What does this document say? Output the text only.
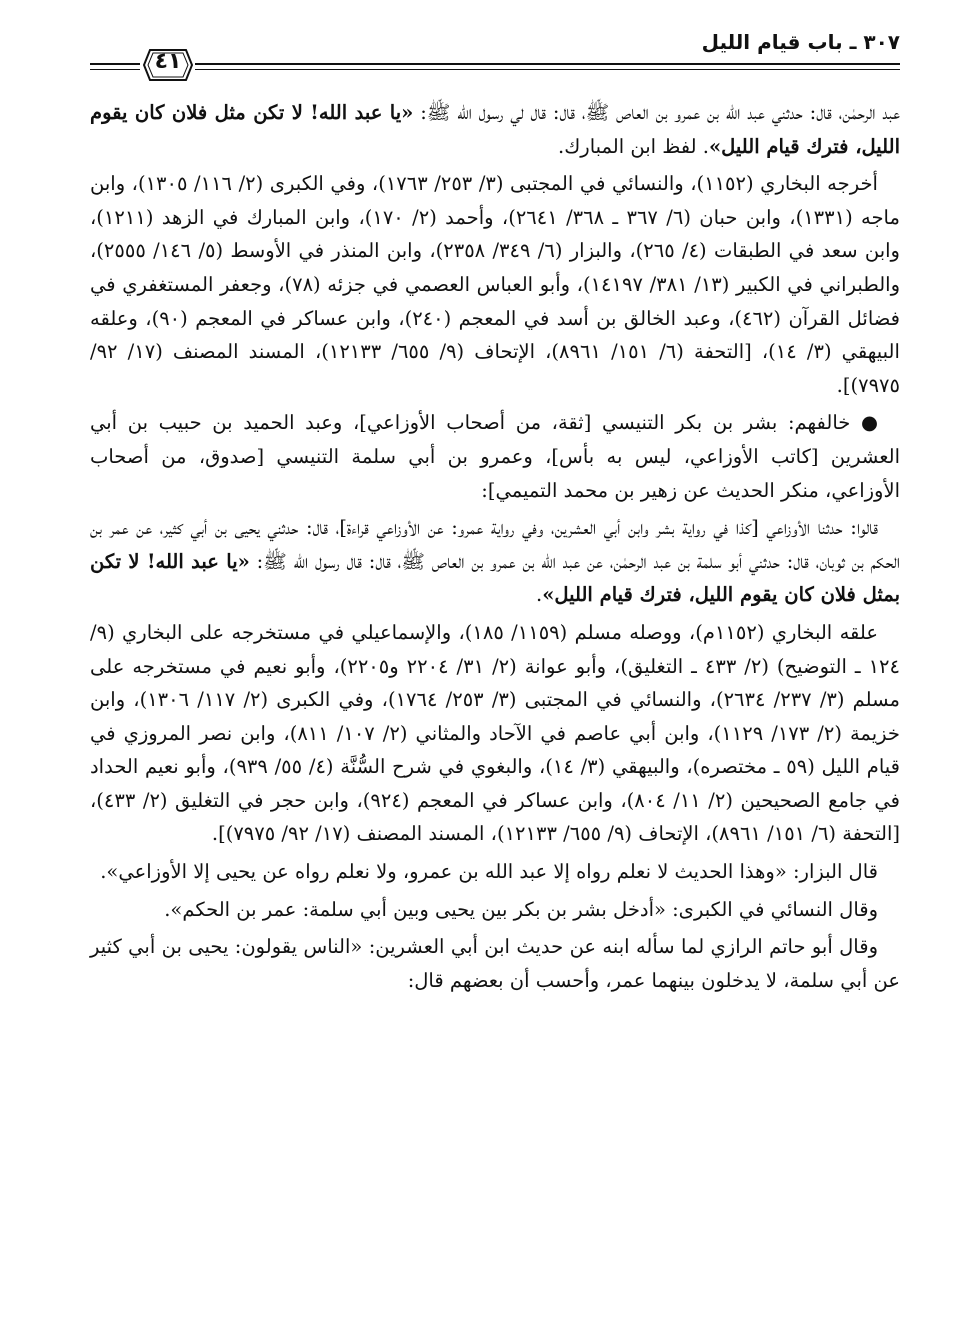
٣٠٧ ـ باب قيام الليل
٤١

عبد الرحمٰن، قال: حدثني عبد الله بن عمرو بن العاص ﷺ، قال: قال لي رسول الله ﷺ: «يا عبد الله! لا تكن مثل فلان كان يقوم الليل، فترك قيام الليل». لفظ ابن المبارك.

أخرجه البخاري (١١٥٢)، والنسائي في المجتبى (٣/ ٢٥٣/ ١٧٦٣)، وفي الكبرى (٢/ ١١٦/ ١٣٠٥)، وابن ماجه (١٣٣١)، وابن حبان (٦/ ٣٦٧ ـ ٣٦٨/ ٢٦٤١)، وأحمد (٢/ ١٧٠)، وابن المبارك في الزهد (١٢١١)، وابن سعد في الطبقات (٤/ ٢٦٥)، والبزار (٦/ ٣٤٩/ ٢٣٥٨)، وابن المنذر في الأوسط (٥/ ١٤٦/ ٢٥٥٥)، والطبراني في الكبير (١٣/ ٣٨١/ ١٤١٩٧)، وأبو العباس العصمي في جزئه (٧٨)، وجعفر المستغفري في فضائل القرآن (٤٦٢)، وعبد الخالق بن أسد في المعجم (٢٤٠)، وابن عساكر في المعجم (٩٠)، وعلقه البيهقي (٣/ ١٤)، [التحفة (٦/ ١٥١/ ٨٩٦١)، الإتحاف (٩/ ٦٥٥/ ١٢١٣٣)، المسند المصنف (١٧/ ٩٢/ ٧٩٧٥)].

● خالفهم: بشر بن بكر التنيسي [ثقة، من أصحاب الأوزاعي]، وعبد الحميد بن حبيب بن أبي العشرين [كاتب الأوزاعي، ليس به بأس]، وعمرو بن أبي سلمة التنيسي [صدوق، من أصحاب الأوزاعي، منكر الحديث عن زهير بن محمد التميمي]:

قالوا: حدثنا الأوزاعي [كذا في رواية بشر وابن أبي العشرين، وفي رواية عمرو: عن الأوزاعي قراءة]، قال: حدثني يحيى بن أبي كثير، عن عمر بن الحكم بن ثوبان، قال: حدثني أبو سلمة بن عبد الرحمٰن، عن عبد الله بن عمرو بن العاص ﷺ، قال: قال رسول الله ﷺ: «يا عبد الله! لا تكن بمثل فلان كان يقوم الليل، فترك قيام الليل».

علقه البخاري (١١٥٢م)، ووصله مسلم (١١٥٩/ ١٨٥)، والإسماعيلي في مستخرجه على البخاري (٩/ ١٢٤ ـ التوضيح) (٢/ ٤٣٣ ـ التغليق)، وأبو عوانة (٢/ ٣١/ ٢٢٠٤ و٢٢٠٥)، وأبو نعيم في مستخرجه على مسلم (٣/ ٢٣٧/ ٢٦٣٤)، والنسائي في المجتبى (٣/ ٢٥٣/ ١٧٦٤)، وفي الكبرى (٢/ ١١٧/ ١٣٠٦)، وابن خزيمة (٢/ ١٧٣/ ١١٢٩)، وابن أبي عاصم في الآحاد والمثاني (٢/ ١٠٧/ ٨١١)، وابن نصر المروزي في قيام الليل (٥٩ ـ مختصره)، والبيهقي (٣/ ١٤)، والبغوي في شرح السُّنَّة (٤/ ٥٥/ ٩٣٩)، وأبو نعيم الحداد في جامع الصحيحين (٢/ ١١/ ٨٠٤)، وابن عساكر في المعجم (٩٢٤)، وابن حجر في التغليق (٢/ ٤٣٣)، [التحفة (٦/ ١٥١/ ٨٩٦١)، الإتحاف (٩/ ٦٥٥/ ١٢١٣٣)، المسند المصنف (١٧/ ٩٢/ ٧٩٧٥)].

قال البزار: «وهذا الحديث لا نعلم رواه إلا عبد الله بن عمرو، ولا نعلم رواه عن يحيى إلا الأوزاعي».

وقال النسائي في الكبرى: «أدخل بشر بن بكر بين يحيى وبين أبي سلمة: عمر بن الحكم».

وقال أبو حاتم الرازي لما سأله ابنه عن حديث ابن أبي العشرين: «الناس يقولون: يحيى بن أبي كثير عن أبي سلمة، لا يدخلون بينهما عمر، وأحسب أن بعضهم قال:
